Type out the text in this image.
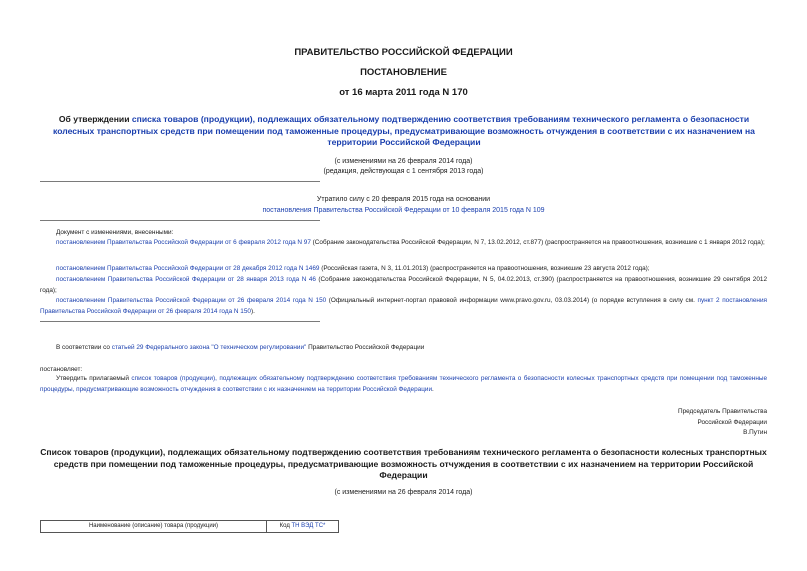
ПРАВИТЕЛЬСТВО РОССИЙСКОЙ ФЕДЕРАЦИИ
ПОСТАНОВЛЕНИЕ
от 16 марта 2011 года N 170
Об утверждении списка товаров (продукции), подлежащих обязательному подтверждению соответствия требованиям технического регламента о безопасности колесных транспортных средств при помещении под таможенные процедуры, предусматривающие возможность отчуждения в соответствии с их назначением на территории Российской Федерации
(с изменениями на 26 февраля 2014 года)
(редакция, действующая с 1 сентября 2013 года)
Утратило силу с 20 февраля 2015 года на основании
постановления Правительства Российской Федерации от 10 февраля 2015 года N 109
Документ с изменениями, внесенными:
постановлением Правительства Российской Федерации от 6 февраля 2012 года N 97 (Собрание законодательства Российской Федерации, N 7, 13.02.2012, ст.877) (распространяется на правоотношения, возникшие с 1 января 2012 года);
постановлением Правительства Российской Федерации от 28 декабря 2012 года N 1469 (Российская газета, N 3, 11.01.2013) (распространяется на правоотношения, возникшие 23 августа 2012 года);
постановлением Правительства Российской Федерации от 28 января 2013 года N 46 (Собрание законодательства Российской Федерации, N 5, 04.02.2013, ст.390) (распространяется на правоотношения, возникшие 29 сентября 2012 года);
постановлением Правительства Российской Федерации от 26 февраля 2014 года N 150 (Официальный интернет-портал правовой информации www.pravo.gov.ru, 03.03.2014) (о порядке вступления в силу см. пункт 2 постановления Правительства Российской Федерации от 26 февраля 2014 года N 150).
В соответствии со статьей 29 Федерального закона "О техническом регулировании" Правительство Российской Федерации
постановляет:
Утвердить прилагаемый список товаров (продукции), подлежащих обязательному подтверждению соответствия требованиям технического регламента о безопасности колесных транспортных средств при помещении под таможенные процедуры, предусматривающие возможность отчуждения в соответствии с их назначением на территории Российской Федерации.
Председатель Правительства
Российской Федерации
В.Путин
Список товаров (продукции), подлежащих обязательному подтверждению соответствия требованиям технического регламента о безопасности колесных транспортных средств при помещении под таможенные процедуры, предусматривающие возможность отчуждения в соответствии с их назначением на территории Российской Федерации
(с изменениями на 26 февраля 2014 года)
Наименование (описание) товара (продукции)	Код ТН ВЭД ТС*
